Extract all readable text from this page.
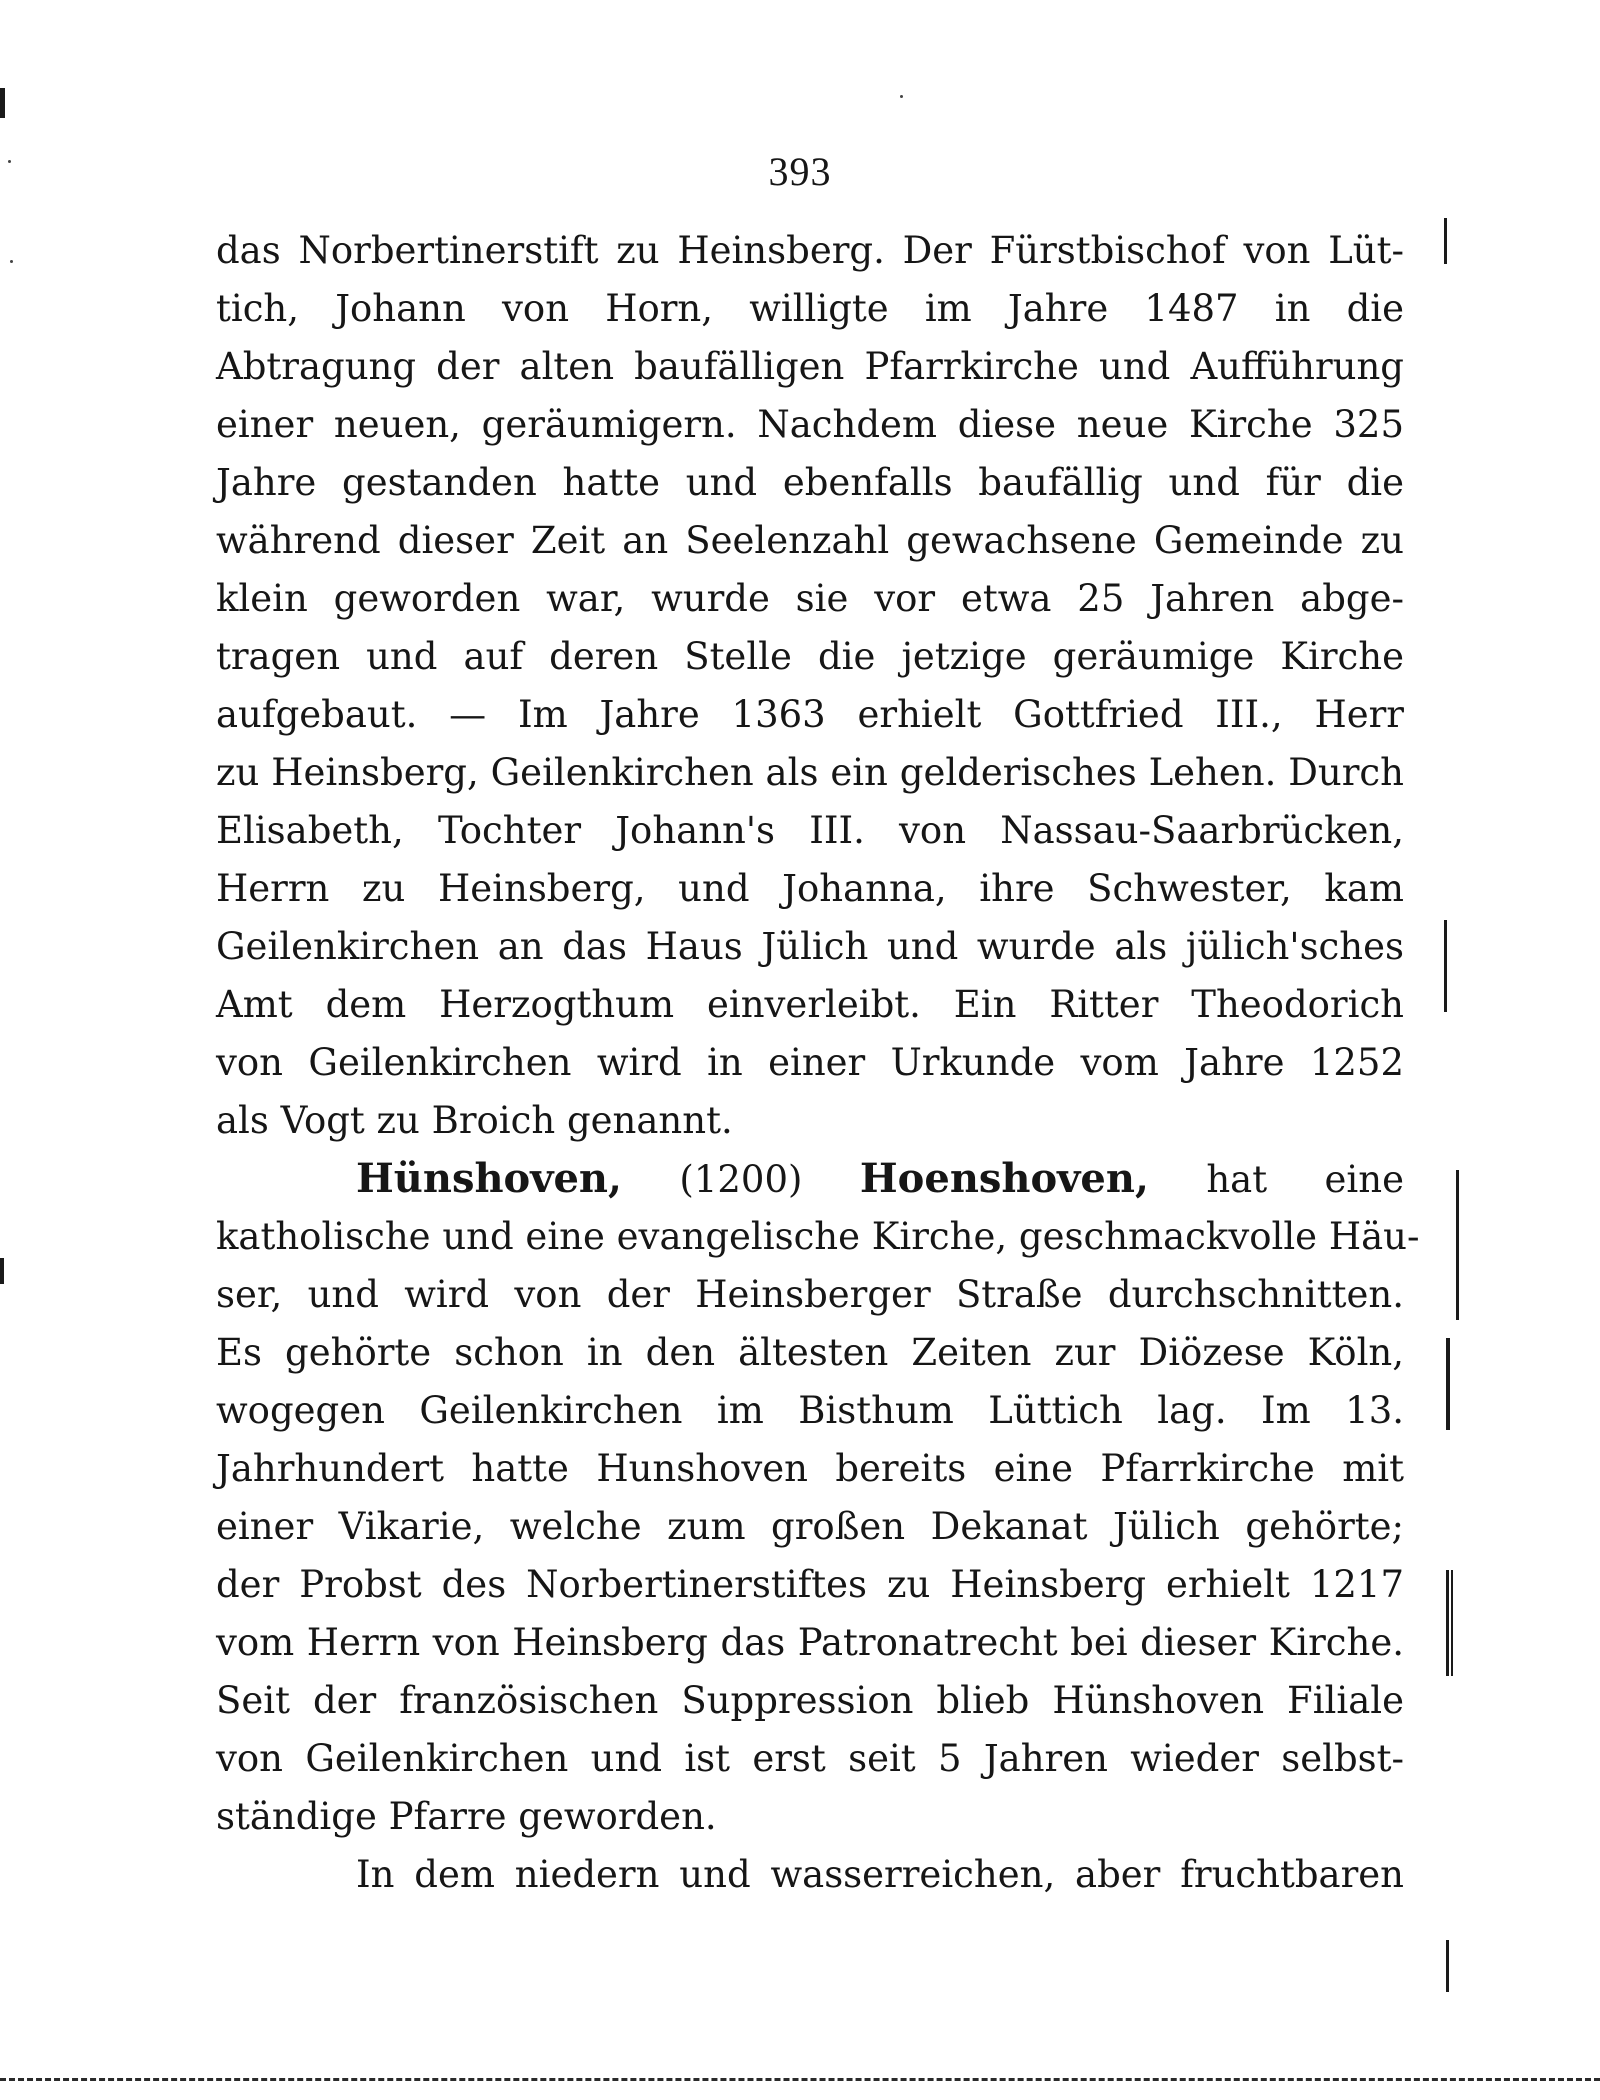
393
das Norbertinerstift zu Heinsberg. Der Fürstbischof von Lüt-
tich, Johann von Horn, willigte im Jahre 1487 in die
Abtragung der alten baufälligen Pfarrkirche und Aufführung
einer neuen, geräumigern. Nachdem diese neue Kirche 325
Jahre gestanden hatte und ebenfalls baufällig und für die
während dieser Zeit an Seelenzahl gewachsene Gemeinde zu
klein geworden war, wurde sie vor etwa 25 Jahren abge-
tragen und auf deren Stelle die jetzige geräumige Kirche
aufgebaut. — Im Jahre 1363 erhielt Gottfried III., Herr
zu Heinsberg, Geilenkirchen als ein gelderisches Lehen. Durch
Elisabeth, Tochter Johann's III. von Nassau-Saarbrücken,
Herrn zu Heinsberg, und Johanna, ihre Schwester, kam
Geilenkirchen an das Haus Jülich und wurde als jülich'sches
Amt dem Herzogthum einverleibt. Ein Ritter Theodorich
von Geilenkirchen wird in einer Urkunde vom Jahre 1252
als Vogt zu Broich genannt.
Hünshoven, (1200) Hoenshoven, hat eine
katholische und eine evangelische Kirche, geschmackvolle Häu-
ser, und wird von der Heinsberger Straße durchschnitten.
Es gehörte schon in den ältesten Zeiten zur Diözese Köln,
wogegen Geilenkirchen im Bisthum Lüttich lag. Im 13.
Jahrhundert hatte Hunshoven bereits eine Pfarrkirche mit
einer Vikarie, welche zum großen Dekanat Jülich gehörte;
der Probst des Norbertinerstiftes zu Heinsberg erhielt 1217
vom Herrn von Heinsberg das Patronatrecht bei dieser Kirche.
Seit der französischen Suppression blieb Hünshoven Filiale
von Geilenkirchen und ist erst seit 5 Jahren wieder selbst-
ständige Pfarre geworden.
In dem niedern und wasserreichen, aber fruchtbaren
